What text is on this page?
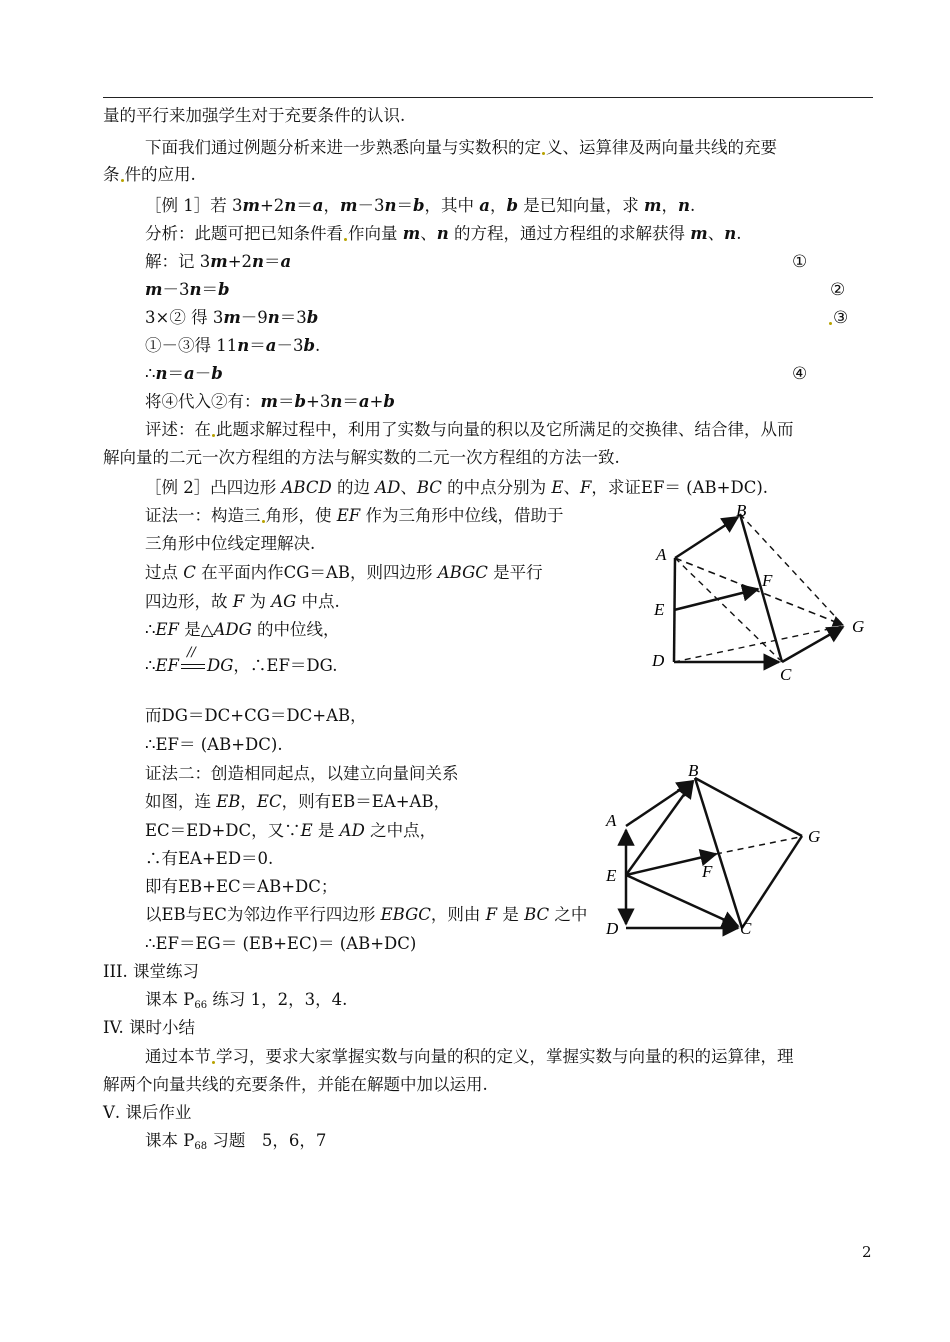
量的平行来加强学生对于充要条件的认识.
下面我们通过例题分析来进一步熟悉向量与实数积的定 义、运算律及两向量共线的充要
条 件的应用.
［例 1］若 3m+2n＝a，m－3n＝b，其中 a，b 是已知向量，求 m，n.
分析：此题可把已知条件看 作向量 m、n 的方程，通过方程组的求解获得 m、n.
解：记 3m+2n＝a	①
m－3n＝b	②
3×② 得 3m－9n＝3b	③
①－③得 11n＝a－3b.
∴n＝a－b	④
将④代入②有：m＝b+3n＝a+b
评述：在 此题求解过程中，利用了实数与向量的积以及它所满足的交换律、结合律，从而
解向量的二元一次方程组的方法与解实数的二元一次方程组的方法一致.
［例 2］凸四边形 ABCD 的边 AD、BC 的中点分别为 E、F，求证EF＝ (AB+DC).
证法一：构造三 角形，使 EF 作为三角形中位线，借助于
三角形中位线定理解决.
过点 C 在平面内作CG＝AB，则四边形 ABGC 是平行
四边形，故 F 为 AG 中点.
∴EF 是△ADG 的中位线，
∴EF
//
DG，∴EF＝DG.
而DG＝DC+CG＝DC+AB，
∴EF＝ (AB+DC).
A
B
E
F
G
D
C
证法二：创造相同起点，以建立向量间关系
如图，连 EB，EC，则有EB＝EA+AB，
EC＝ED+DC，又∵E 是 AD 之中点，
∴有EA+ED＝0.
即有EB+EC＝AB+DC；
以EB与EC为邻边作平行四边形 EBGC，则由 F 是 BC 之中
∴EF＝EG＝ (EB+EC)＝ (AB+DC)
A
B
G
E	F
D	C
III. 课堂练习
课本 $P_{66}$ 练习 1，2，3，4.
IV. 课时小结
通过本节 学习，要求大家掌握实数与向量的积的定义，掌握实数与向量的积的运算律，理
解两个向量共线的充要条件，并能在解题中加以运用.
Ⅴ. 课后作业
课本 $P_{68}$ 习题　5，6，7
2
